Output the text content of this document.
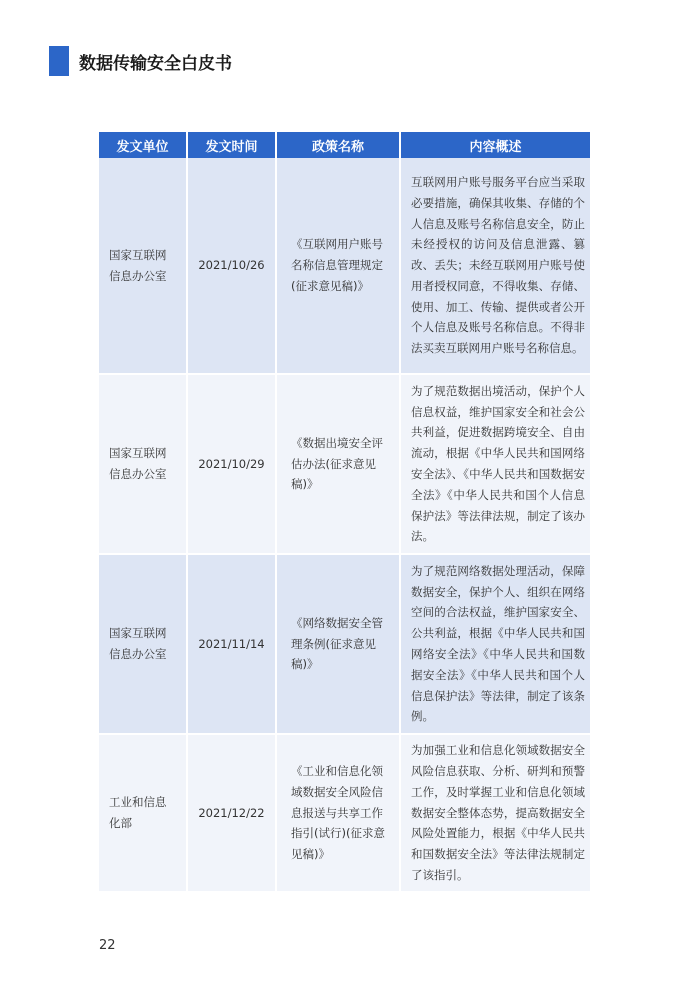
数据传输安全白皮书
发文单位	发文时间	政策名称	内容概述
国家互联网信息办公室	2021/10/26	《互联网用户账号名称信息管理规定(征求意见稿)》	互联网用户账号服务平台应当采取必要措施，确保其收集、存储的个人信息及账号名称信息安全，防止未经授权的访问及信息泄露、篡改、丢失；未经互联网用户账号使用者授权同意，不得收集、存储、使用、加工、传输、提供或者公开个人信息及账号名称信息。不得非法买卖互联网用户账号名称信息。
国家互联网信息办公室	2021/10/29	《数据出境安全评估办法(征求意见稿)》	为了规范数据出境活动，保护个人信息权益，维护国家安全和社会公共利益，促进数据跨境安全、自由流动，根据《中华人民共和国网络安全法》、《中华人民共和国数据安全法》《中华人民共和国个人信息保护法》等法律法规，制定了该办法。
国家互联网信息办公室	2021/11/14	《网络数据安全管理条例(征求意见稿)》	为了规范网络数据处理活动，保障数据安全，保护个人、组织在网络空间的合法权益，维护国家安全、公共利益，根据《中华人民共和国网络安全法》《中华人民共和国数据安全法》《中华人民共和国个人信息保护法》等法律，制定了该条例。
工业和信息化部	2021/12/22	《工业和信息化领域数据安全风险信息报送与共享工作指引(试行)(征求意见稿)》	为加强工业和信息化领域数据安全风险信息获取、分析、研判和预警工作，及时掌握工业和信息化领域数据安全整体态势，提高数据安全风险处置能力，根据《中华人民共和国数据安全法》等法律法规制定了该指引。
22
